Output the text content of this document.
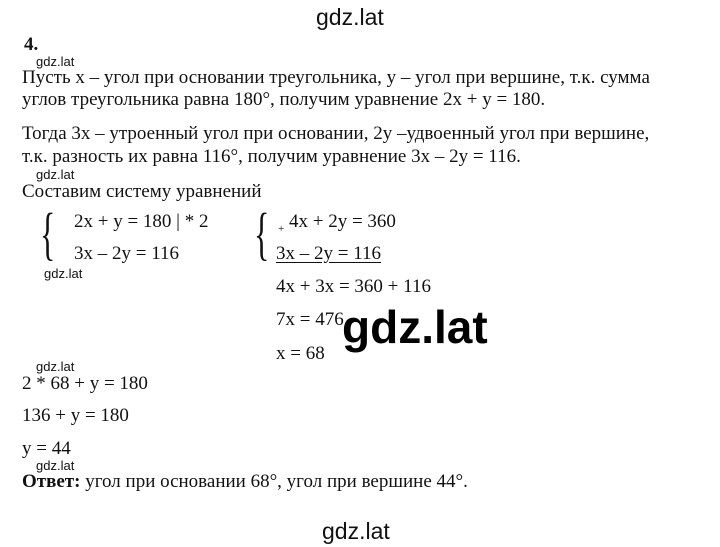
gdz.lat
4.
gdz.lat
Пусть х – угол при основании треугольника, у – угол при вершине, т.к. сумма
углов треугольника равна 180°, получим уравнение 2х + у = 180.
Тогда 3х – утроенный угол при основании, 2у –удвоенный угол при вершине,
т.к. разность их равна 116°, получим уравнение 3х – 2у = 116.
gdz.lat
Составим систему уравнений
{ 2х + у = 180 | * 2
3х – 2у = 116 { + 4х + 2у = 360
3х – 2у = 116
gdz.lat
4х + 3х = 360 + 116
7х = 476
х = 68
gdz.lat
gdz.lat
2 * 68 + у = 180
136 + у = 180
у = 44
gdz.lat
Ответ: угол при основании 68°, угол при вершине 44°.
gdz.lat
